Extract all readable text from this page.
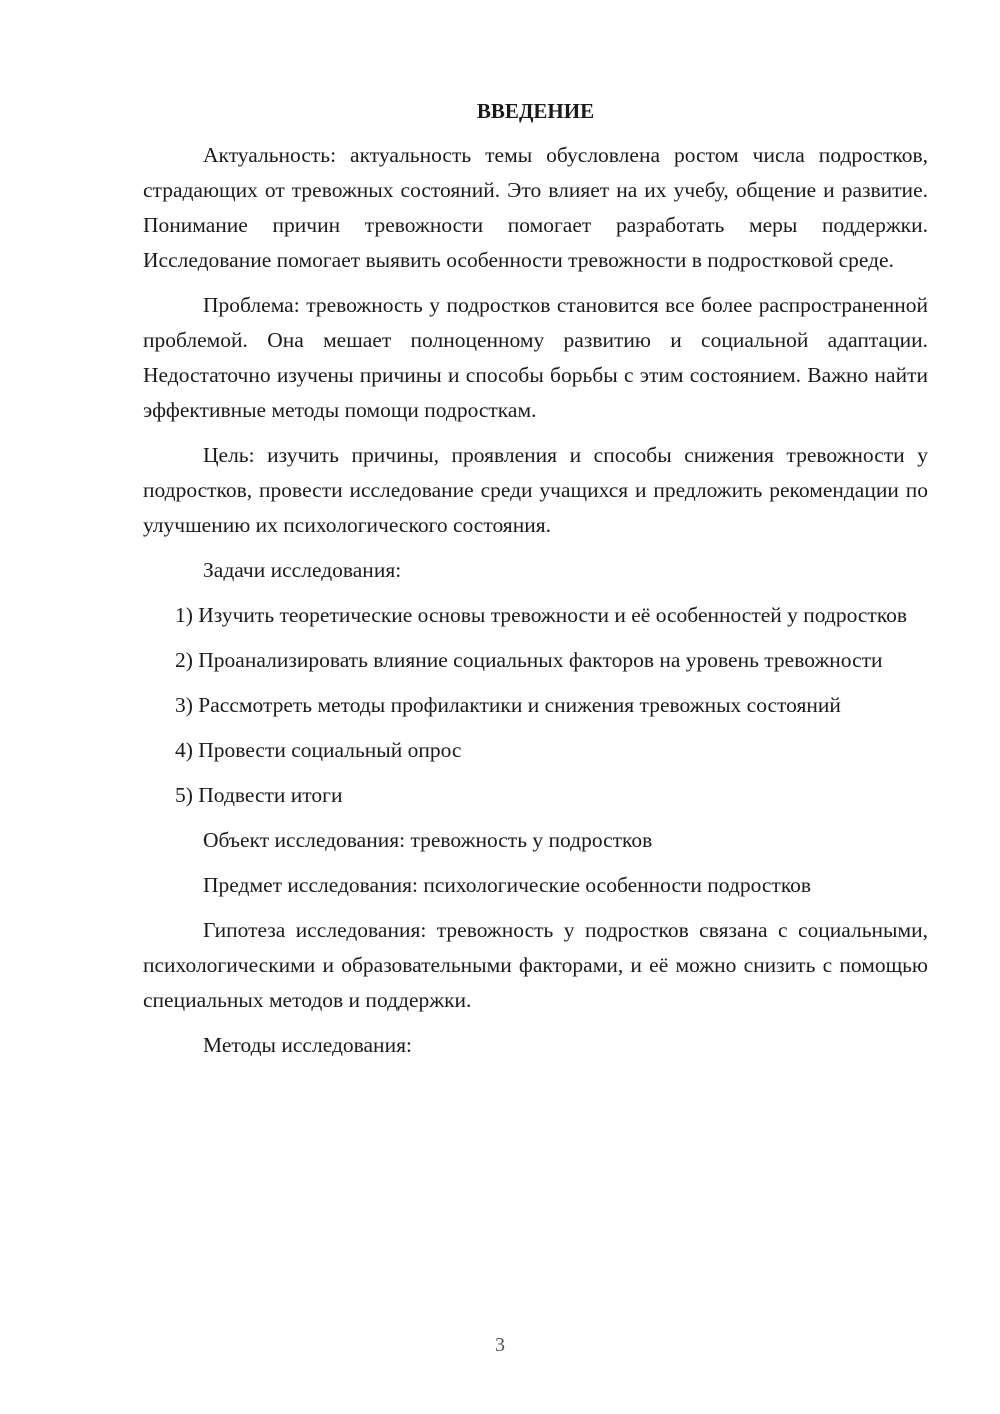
ВВЕДЕНИЕ

Актуальность: актуальность темы обусловлена ростом числа подростков, страдающих от тревожных состояний. Это влияет на их учебу, общение и развитие. Понимание причин тревожности помогает разработать меры поддержки. Исследование помогает выявить особенности тревожности в подростковой среде.

Проблема: тревожность у подростков становится все более распространенной проблемой. Она мешает полноценному развитию и социальной адаптации. Недостаточно изучены причины и способы борьбы с этим состоянием. Важно найти эффективные методы помощи подросткам.

Цель: изучить причины, проявления и способы снижения тревожности у подростков, провести исследование среди учащихся и предложить рекомендации по улучшению их психологического состояния.

Задачи исследования:

1) Изучить теоретические основы тревожности и её особенностей у подростков

2) Проанализировать влияние социальных факторов на уровень тревожности

3) Рассмотреть методы профилактики и снижения тревожных состояний

4) Провести социальный опрос

5) Подвести итоги

Объект исследования: тревожность у подростков

Предмет исследования: психологические особенности подростков

Гипотеза исследования: тревожность у подростков связана с социальными, психологическими и образовательными факторами, и её можно снизить с помощью специальных методов и поддержки.

Методы исследования:

3
